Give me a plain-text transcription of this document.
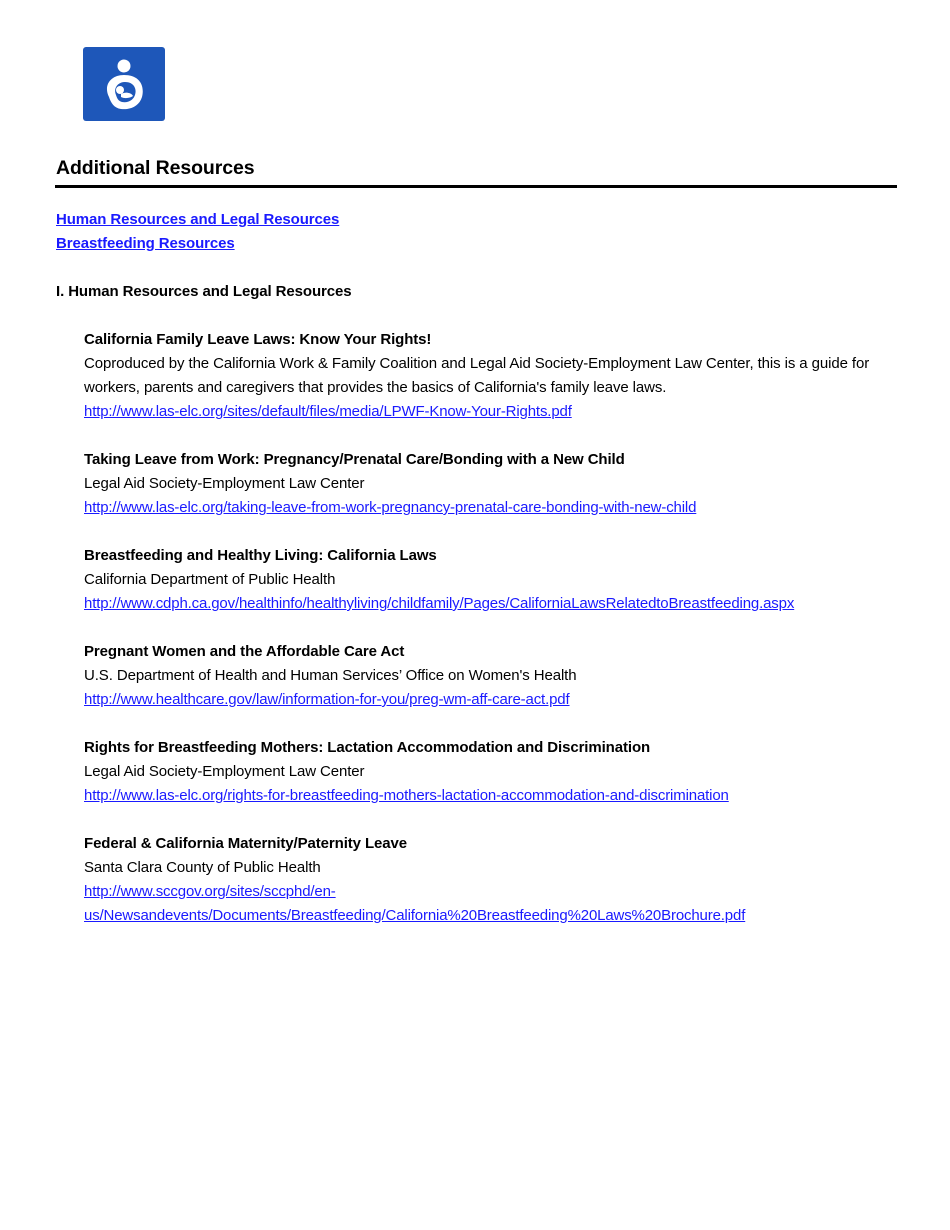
Additional Resources
Human Resources and Legal Resources
Breastfeeding Resources
I. Human Resources and Legal Resources
California Family Leave Laws: Know Your Rights!
Coproduced by the California Work & Family Coalition and Legal Aid Society-Employment Law Center, this is a guide for workers, parents and caregivers that provides the basics of California's family leave laws.
http://www.las-elc.org/sites/default/files/media/LPWF-Know-Your-Rights.pdf
Taking Leave from Work: Pregnancy/Prenatal Care/Bonding with a New Child
Legal Aid Society-Employment Law Center
http://www.las-elc.org/taking-leave-from-work-pregnancy-prenatal-care-bonding-with-new-child
Breastfeeding and Healthy Living: California Laws
California Department of Public Health
http://www.cdph.ca.gov/healthinfo/healthyliving/childfamily/Pages/CaliforniaLawsRelatedtoBreastfeeding.aspx
Pregnant Women and the Affordable Care Act
U.S. Department of Health and Human Services’ Office on Women's Health
http://www.healthcare.gov/law/information-for-you/preg-wm-aff-care-act.pdf
Rights for Breastfeeding Mothers: Lactation Accommodation and Discrimination
Legal Aid Society-Employment Law Center
http://www.las-elc.org/rights-for-breastfeeding-mothers-lactation-accommodation-and-discrimination
Federal & California Maternity/Paternity Leave
Santa Clara County of Public Health
http://www.sccgov.org/sites/sccphd/en-
us/Newsandevents/Documents/Breastfeeding/California%20Breastfeeding%20Laws%20Brochure.pdf
